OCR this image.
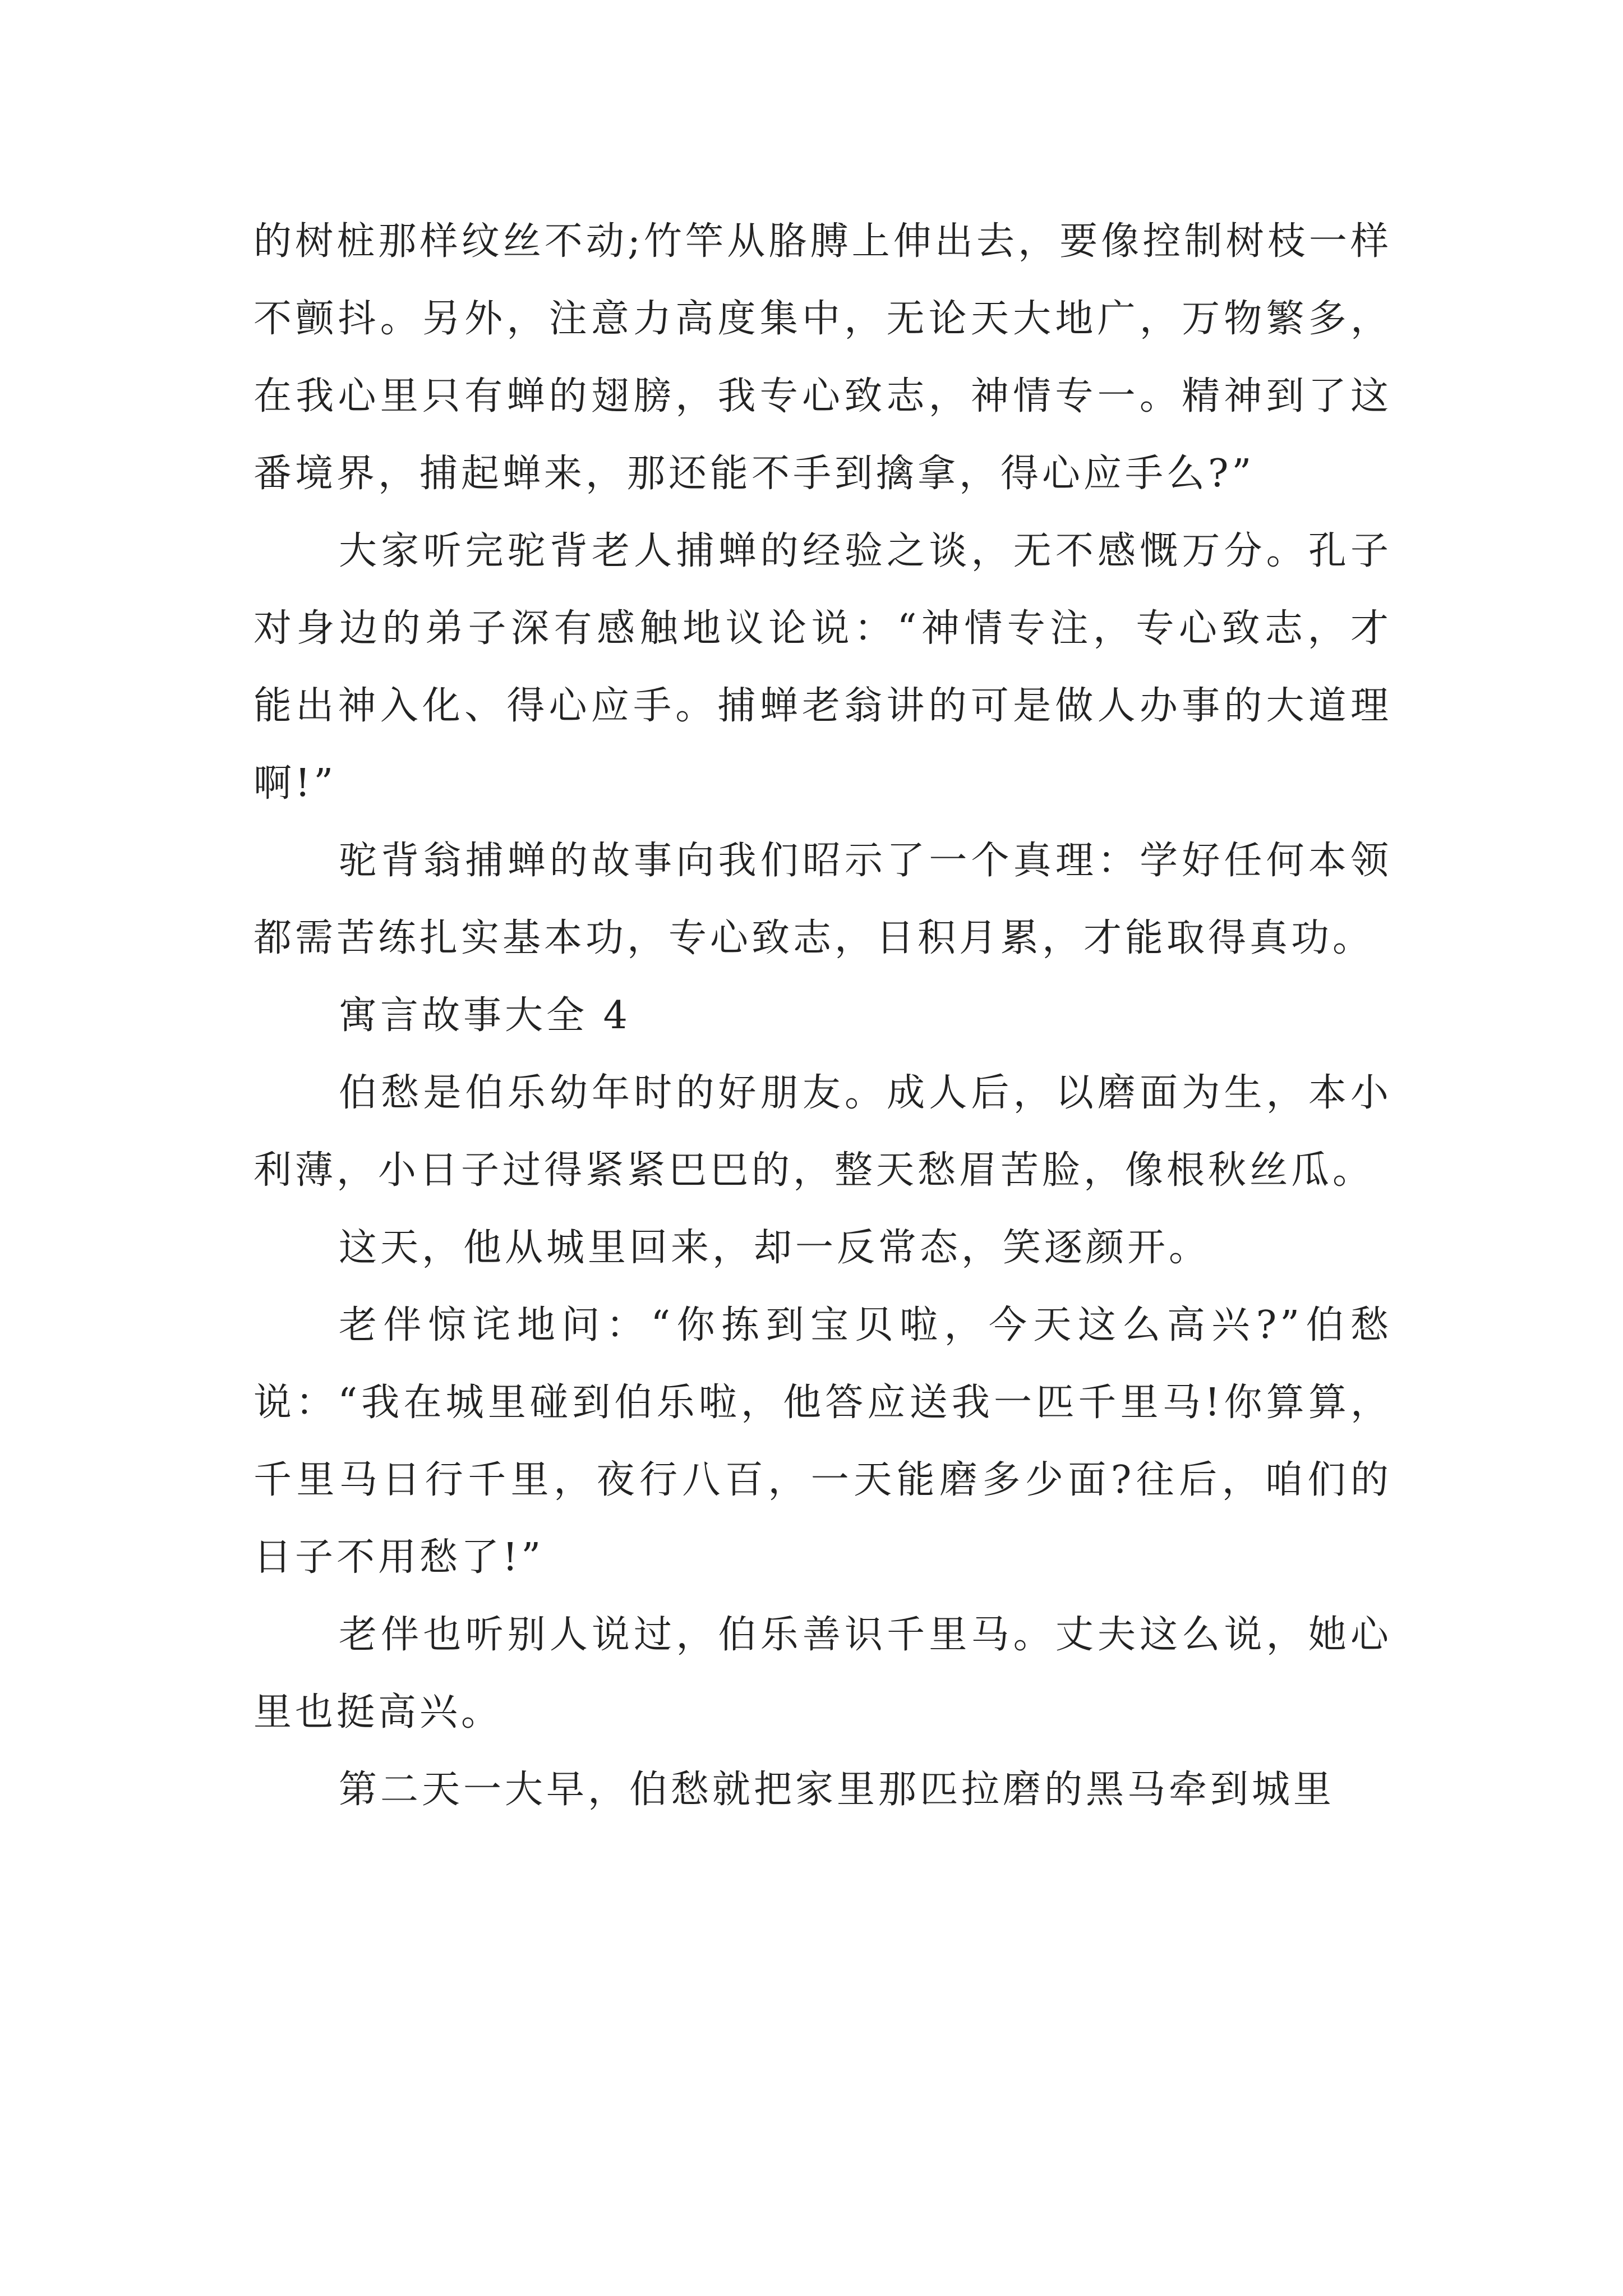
的树桩那样纹丝不动;竹竿从胳膊上伸出去，要像控制树枝一样不颤抖。另外，注意力高度集中，无论天大地广，万物繁多，在我心里只有蝉的翅膀，我专心致志，神情专一。精神到了这番境界，捕起蝉来，那还能不手到擒拿，得心应手么?”

大家听完驼背老人捕蝉的经验之谈，无不感慨万分。孔子对身边的弟子深有感触地议论说：“神情专注，专心致志，才能出神入化、得心应手。捕蝉老翁讲的可是做人办事的大道理啊!”

驼背翁捕蝉的故事向我们昭示了一个真理：学好任何本领都需苦练扎实基本功，专心致志，日积月累，才能取得真功。

寓言故事大全 4

伯愁是伯乐幼年时的好朋友。成人后，以磨面为生，本小利薄，小日子过得紧紧巴巴的，整天愁眉苦脸，像根秋丝瓜。

这天，他从城里回来，却一反常态，笑逐颜开。

老伴惊诧地问：“你拣到宝贝啦，今天这么高兴?”伯愁说：“我在城里碰到伯乐啦，他答应送我一匹千里马!你算算，千里马日行千里，夜行八百，一天能磨多少面?往后，咱们的日子不用愁了!”

老伴也听别人说过，伯乐善识千里马。丈夫这么说，她心里也挺高兴。

第二天一大早，伯愁就把家里那匹拉磨的黑马牵到城里
